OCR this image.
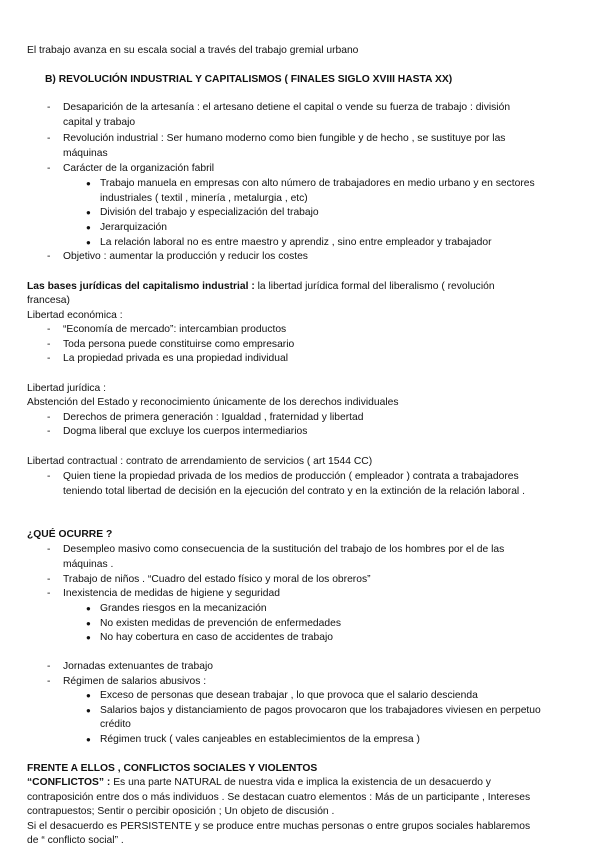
El trabajo avanza en su escala social a través del trabajo gremial urbano
B) REVOLUCIÓN INDUSTRIAL Y CAPITALISMOS ( FINALES SIGLO XVIII HASTA XX)
- Desaparición de la artesanía : el artesano detiene el capital o vende su fuerza de trabajo : división
capital y trabajo
- Revolución industrial : Ser humano moderno como bien fungible y de hecho , se sustituye por las
máquinas
- Carácter de la organización fabril
● Trabajo manuela en empresas con alto número de trabajadores en medio urbano y en sectores
industriales ( textil , minería , metalurgia , etc)
● División del trabajo y especialización del trabajo
● Jerarquización
● La relación laboral no es entre maestro y aprendiz , sino entre empleador y trabajador
- Objetivo : aumentar la producción y reducir los costes
Las bases jurídicas del capitalismo industrial : la libertad jurídica formal del liberalismo ( revolución
francesa)
Libertad económica :
- “Economía de mercado”: intercambian productos
- Toda persona puede constituirse como empresario
- La propiedad privada es una propiedad individual
Libertad jurídica :
Abstención del Estado y reconocimiento únicamente de los derechos individuales
- Derechos de primera generación : Igualdad , fraternidad y libertad
- Dogma liberal que excluye los cuerpos intermediarios
Libertad contractual : contrato de arrendamiento de servicios ( art 1544 CC)
- Quien tiene la propiedad privada de los medios de producción ( empleador ) contrata a trabajadores
teniendo total libertad de decisión en la ejecución del contrato y en la extinción de la relación laboral .
¿QUÉ OCURRE ?
- Desempleo masivo como consecuencia de la sustitución del trabajo de los hombres por el de las
máquinas .
- Trabajo de niños . “Cuadro del estado físico y moral de los obreros”
- Inexistencia de medidas de higiene y seguridad
● Grandes riesgos en la mecanización
● No existen medidas de prevención de enfermedades
● No hay cobertura en caso de accidentes de trabajo
- Jornadas extenuantes de trabajo
- Régimen de salarios abusivos :
● Exceso de personas que desean trabajar , lo que provoca que el salario descienda
● Salarios bajos y distanciamiento de pagos provocaron que los trabajadores viviesen en perpetuo
crédito
● Régimen truck ( vales canjeables en establecimientos de la empresa )
FRENTE A ELLOS , CONFLICTOS SOCIALES Y VIOLENTOS
“CONFLICTOS” : Es una parte NATURAL de nuestra vida e implica la existencia de un desacuerdo y
contraposición entre dos o más individuos . Se destacan cuatro elementos : Más de un participante , Intereses
contrapuestos; Sentir o percibir oposición ; Un objeto de discusión .
Si el desacuerdo es PERSISTENTE y se produce entre muchas personas o entre grupos sociales hablaremos
de “ conflicto social” .
